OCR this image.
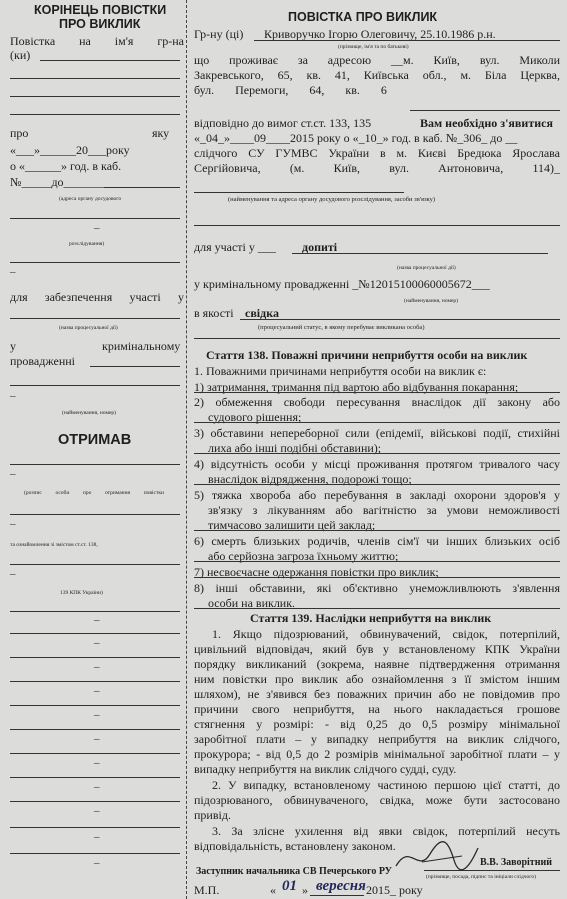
КОРІНЕЦЬ ПОВІСТКИ
ПРО ВИКЛИК
Повістка на ім'я гр-на
(ки)
про	яку
«___»______20___року
о «______» год. в каб.
№_____до_______
(адреса органу досудового
–
розслідування)
–
для забезпечення участі у
(назва процесуальної дії)
у	кримінальному
провадженні
–
(найменування, номер)
ОТРИМАВ
–
(розпис особи про отримання повістки
–
та ознайомлення зі змістом ст.ст. 138,
–
139 КПК України)
–
–
–
–
–
–
–
–
–
–
–
ПОВІСТКА ПРО ВИКЛИК
Гр-ну (ці) Криворучко Ігорю Олеговичу, 25.10.1986 р.н.
(прізвище, ім'я та по батькові)
що проживає за адресою __м. Київ, вул. Миколи
Закревського, 65, кв. 41, Київська обл., м. Біла Церква,
бул. Перемоги, 64, кв. 6
відповідно до вимог ст.ст. 133, 135	Вам необхідно з'явитися
«_04_»____09____2015 року о «_10_» год. в каб. №_306_ до __
слідчого СУ ГУМВС України в м. Києві Бредюка Ярослава
Сергійовича, (м. Київ, вул. Антоновича, 114)_
(найменування та адреса органу досудового розслідування, засоби зв'язку)
для участі у ___ допиті
(назва процесуальної дії)
у кримінальному провадженні _№12015100060005672___
(найменування, номер)
в якості свідка
(процесуальний статус, в якому перебуває викликана особа)
Стаття 138. Поважні причини неприбуття особи на виклик
1. Поважними причинами неприбуття особи на виклик є:
1) затримання, тримання під вартою або відбування покарання;
2) обмеження свободи пересування внаслідок дії закону або
судового рішення;
3) обставини непереборної сили (епідемії, військові події, стихійні
лиха або інші подібні обставини);
4) відсутність особи у місці проживання протягом тривалого часу
внаслідок відрядження, подорожі тощо;
5) тяжка хвороба або перебування в закладі охорони здоров'я у
зв'язку з лікуванням або вагітністю за умови неможливості
тимчасово залишити цей заклад;
6) смерть близьких родичів, членів сім'ї чи інших близьких осіб
або серйозна загроза їхньому життю;
7) несвоєчасне одержання повістки про виклик;
8) інші обставини, які об'єктивно унеможливлюють з'явлення
особи на виклик.
Стаття 139. Наслідки неприбуття на виклик
1. Якщо підозрюваний, обвинувачений, свідок, потерпілий,
цивільний відповідач, який був у встановленому КПК України
порядку викликаний (зокрема, наявне підтвердження отримання
ним повістки про виклик або ознайомлення з її змістом іншим
шляхом), не з'явився без поважних причин або не повідомив про
причини свого неприбуття, на нього накладається грошове
стягнення у розмірі: - від 0,25 до 0,5 розміру мінімальної
заробітної плати – у випадку неприбуття на виклик слідчого,
прокурора; - від 0,5 до 2 розмірів мінімальної заробітної плати – у
випадку неприбуття на виклик слідчого судді, суду.
2. У випадку, встановленому частиною першою цієї статті, до
підозрюваного, обвинуваченого, свідка, може бути застосовано
привід.
3. За злісне ухилення від явки свідок, потерпілий несуть
відповідальність, встановлену законом.
Заступник начальника СВ Печерського РУ
В.В. Заворітний
(прізвище, посада, підпис та ініціали слідчого)
М.П.	« 01 » вересня 2015_ року
